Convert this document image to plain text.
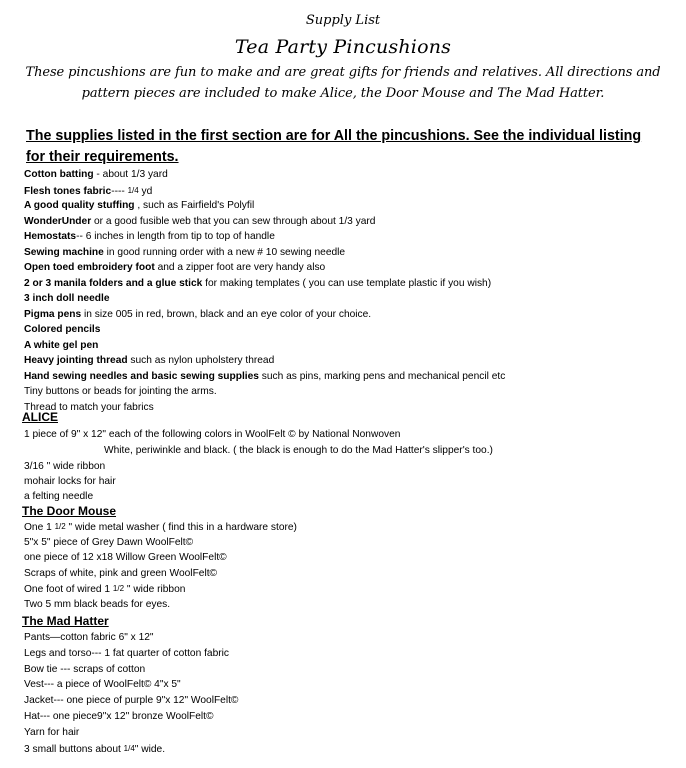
Supply List
Tea Party Pincushions
These pincushions are fun to make and are great gifts for friends and relatives. All directions and
pattern pieces are included to make Alice, the Door Mouse and The Mad Hatter.
The supplies listed in the first section are for All the pincushions. See the individual listing
for their requirements.
Cotton batting - about 1/3 yard
Flesh tones fabric---- 1/4 yd
A good quality stuffing , such as Fairfield's Polyfil
WonderUnder or a good fusible web that you can sew through about 1/3 yard
Hemostats-- 6 inches in length from tip to top of handle
Sewing machine in good running order with a new # 10 sewing needle
Open toed embroidery foot and a zipper foot are very handy also
2 or 3 manila folders and a glue stick for making templates ( you can use template plastic if you wish)
3 inch doll needle
Pigma pens in size 005 in red, brown, black and an eye color of your choice.
Colored pencils
A white gel pen
Heavy jointing thread such as nylon upholstery thread
Hand sewing needles and basic sewing supplies such as pins, marking pens and mechanical pencil etc
Tiny buttons or beads for jointing the arms.
Thread to match your fabrics
ALICE
1 piece of 9" x 12" each of the following colors in WoolFelt © by National Nonwoven
White, periwinkle and black. ( the black is enough to do the Mad Hatter's slipper's too.)
3/16 " wide ribbon
mohair locks for hair
a felting needle
The Door Mouse
One 1 1/2 " wide metal washer ( find this in a hardware store)
5"x 5" piece of Grey Dawn WoolFelt©
one piece of 12 x18 Willow Green WoolFelt©
Scraps of white, pink and green WoolFelt©
One foot of wired 1 1/2 " wide ribbon
Two 5 mm black beads for eyes.
The Mad Hatter
Pants—cotton fabric 6" x 12"
Legs and torso--- 1 fat quarter of cotton fabric
Bow tie --- scraps of cotton
Vest--- a piece of WoolFelt© 4"x 5"
Jacket--- one piece of purple 9"x 12" WoolFelt©
Hat--- one piece9"x 12" bronze WoolFelt©
Yarn for hair
3 small buttons about 1/4" wide.
